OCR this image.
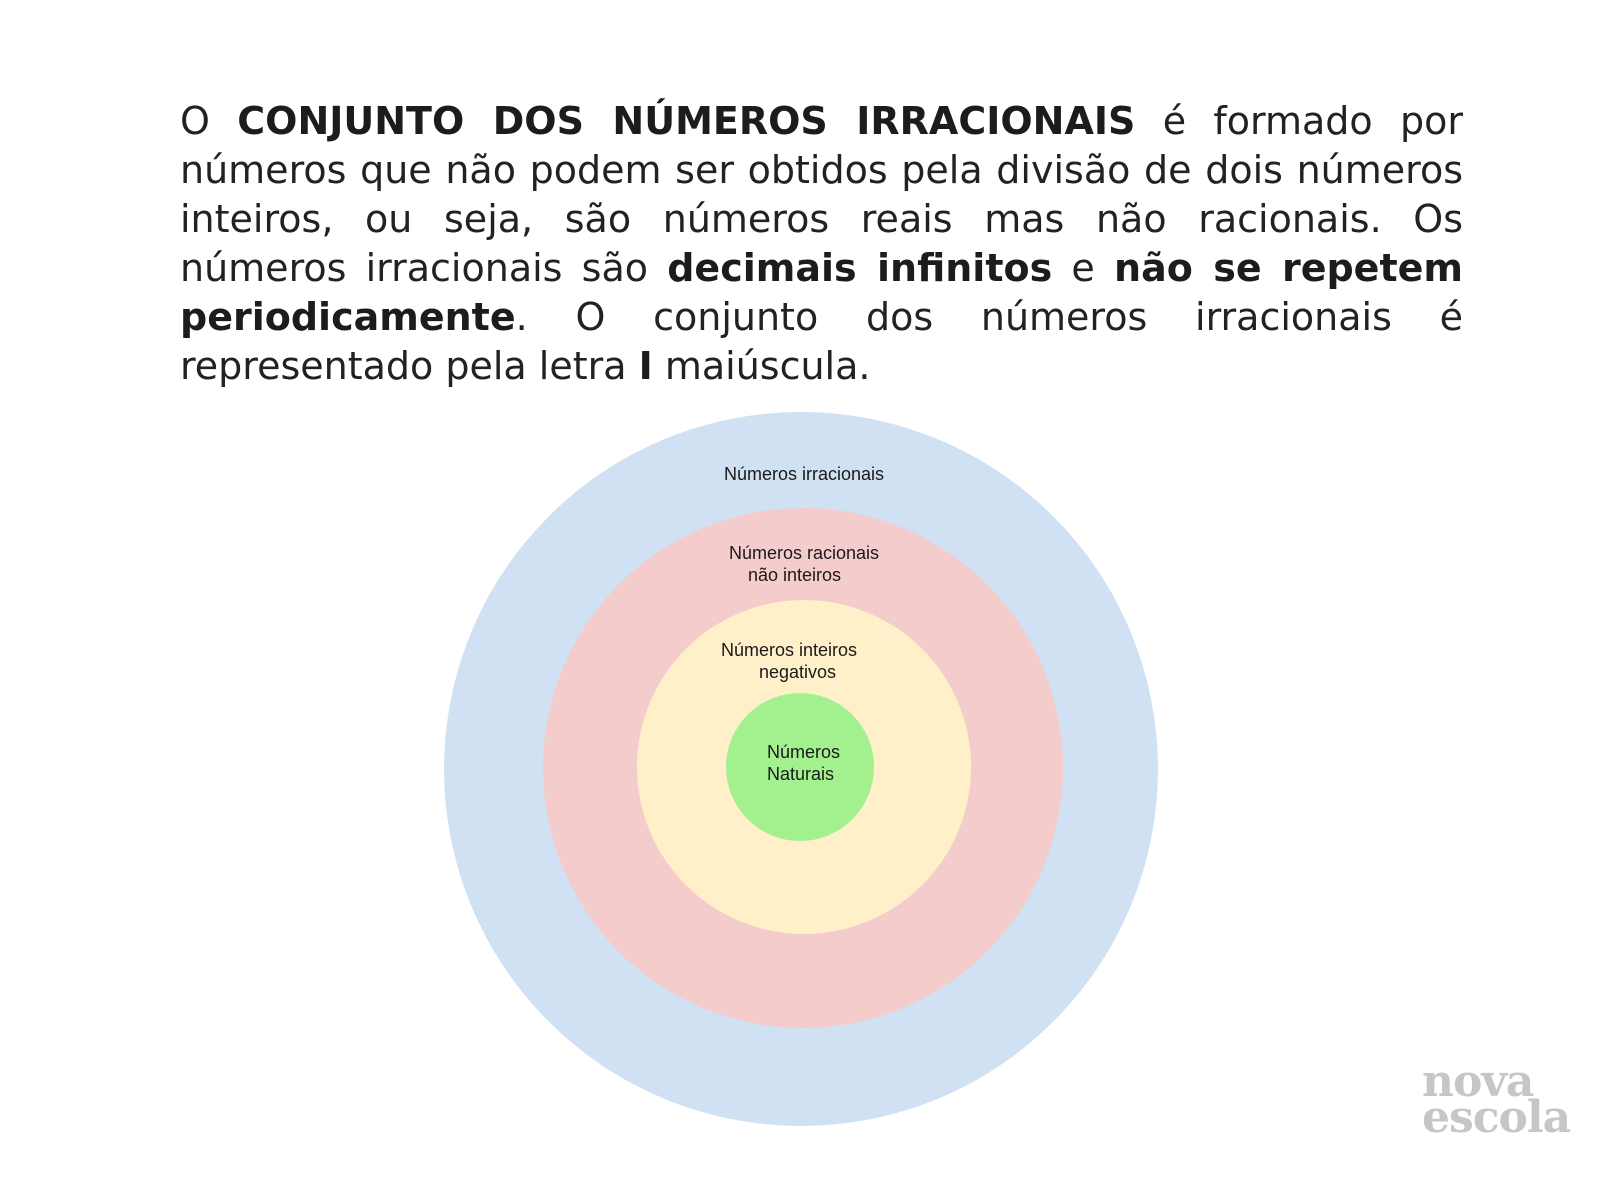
O CONJUNTO DOS NÚMEROS IRRACIONAIS é formado por números que não podem ser obtidos pela divisão de dois números inteiros, ou seja, são números reais mas não racionais. Os números irracionais são decimais infinitos e não se repetem periodicamente. O conjunto dos números irracionais é representado pela letra I maiúscula.

Números irracionais
Números racionais
não inteiros
Números inteiros
negativos
Números
Naturais
nova
escola
